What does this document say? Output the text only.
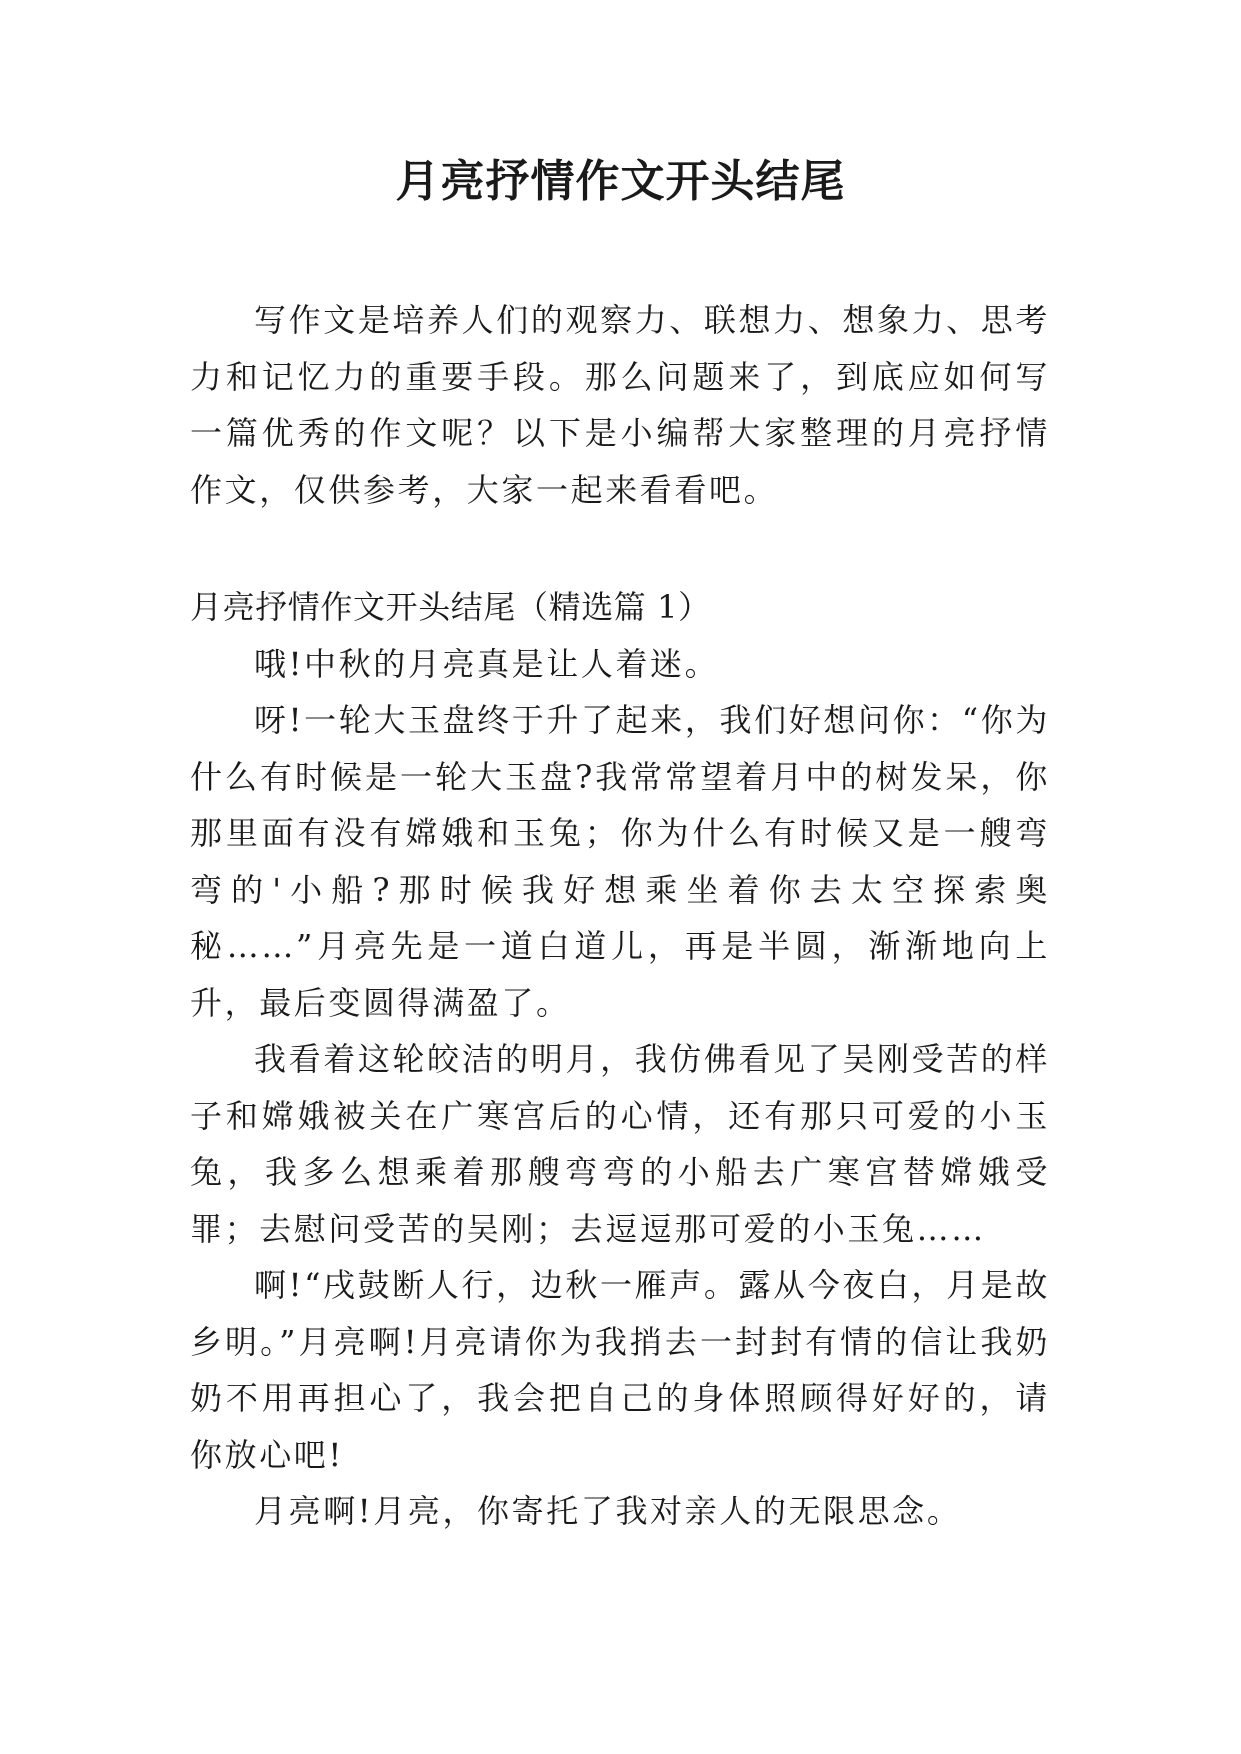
月亮抒情作文开头结尾

写作文是培养人们的观察力、联想力、想象力、思考力和记忆力的重要手段。那么问题来了，到底应如何写一篇优秀的作文呢？以下是小编帮大家整理的月亮抒情作文，仅供参考，大家一起来看看吧。

月亮抒情作文开头结尾（精选篇 1）

哦!中秋的月亮真是让人着迷。

呀!一轮大玉盘终于升了起来，我们好想问你：“你为什么有时候是一轮大玉盘?我常常望着月中的树发呆，你那里面有没有嫦娥和玉兔；你为什么有时候又是一艘弯弯的'小船?那时候我好想乘坐着你去太空探索奥秘……”月亮先是一道白道儿，再是半圆，渐渐地向上升，最后变圆得满盈了。

我看着这轮皎洁的明月，我仿佛看见了吴刚受苦的样子和嫦娥被关在广寒宫后的心情，还有那只可爱的小玉兔，我多么想乘着那艘弯弯的小船去广寒宫替嫦娥受罪；去慰问受苦的吴刚；去逗逗那可爱的小玉兔……

啊!“戌鼓断人行，边秋一雁声。露从今夜白，月是故乡明。”月亮啊!月亮请你为我捎去一封封有情的信让我奶奶不用再担心了，我会把自己的身体照顾得好好的，请你放心吧!

月亮啊!月亮，你寄托了我对亲人的无限思念。
